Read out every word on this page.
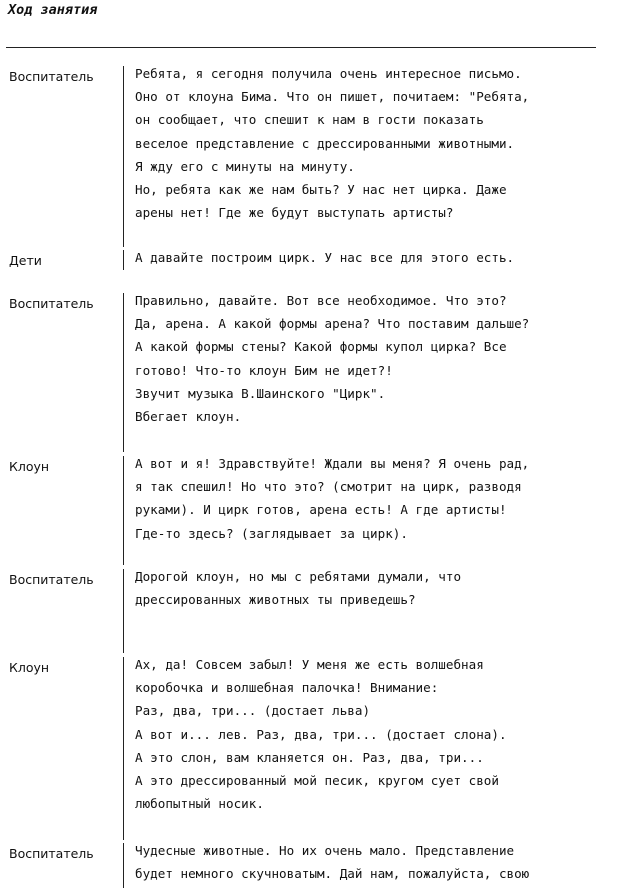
Ход занятия
Воспитатель	Ребята, я сегодня получила очень интересное письмо.
Оно от клоуна Бима. Что он пишет, почитаем: "Ребята,
он сообщает, что спешит к нам в гости показать
веселое представление с дрессированными животными.
Я жду его с минуты на минуту.
Но, ребята как же нам быть? У нас нет цирка. Даже
арены нет! Где же будут выступать артисты?
Дети	А давайте построим цирк. У нас все для этого есть.
Воспитатель	Правильно, давайте. Вот все необходимое. Что это?
Да, арена. А какой формы арена? Что поставим дальше?
А какой формы стены? Какой формы купол цирка? Все
готово! Что-то клоун Бим не идет?!
Звучит музыка В.Шаинского "Цирк".
Вбегает клоун.
Клоун	А вот и я! Здравствуйте! Ждали вы меня? Я очень рад,
я так спешил! Но что это? (смотрит на цирк, разводя
руками). И цирк готов, арена есть! А где артисты!
Где-то здесь? (заглядывает за цирк).
Воспитатель	Дорогой клоун, но мы с ребятами думали, что
дрессированных животных ты приведешь?
Клоун	Ах, да! Совсем забыл! У меня же есть волшебная
коробочка и волшебная палочка! Внимание:
Раз, два, три... (достает льва)
А вот и... лев. Раз, два, три... (достает слона).
А это слон, вам кланяется он. Раз, два, три...
А это дрессированный мой песик, кругом сует свой
любопытный носик.
Воспитатель	Чудесные животные. Но их очень мало. Представление
будет немного скучноватым. Дай нам, пожалуйста, свою
